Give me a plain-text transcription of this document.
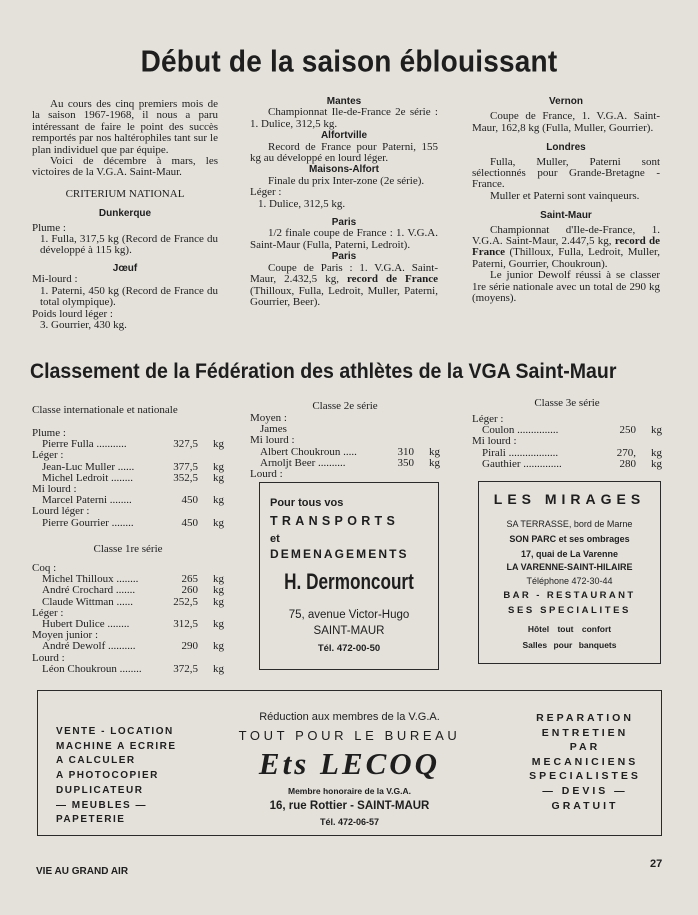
Début de la saison éblouissant

Au cours des cinq premiers mois de la saison 1967-1968, il nous a paru intéressant de faire le point des succès remportés par nos haltérophiles tant sur le plan individuel que par équipe.

Voici de décembre à mars, les victoires de la V.G.A. Saint-Maur.

CRITERIUM NATIONAL

Dunkerque

Plume :

1. Fulla, 317,5 kg (Record de France du développé à 115 kg).

Jœuf

Mi-lourd :

1. Paterni, 450 kg (Record de France du total olympique).

Poids lourd léger :

3. Gourrier, 430 kg.

Mantes

Championnat Ile-de-France 2e série : 1. Dulice, 312,5 kg.

Alfortville

Record de France pour Paterni, 155 kg au développé en lourd léger.

Maisons-Alfort

Finale du prix Inter-zone (2e série).

Léger :

1. Dulice, 312,5 kg.

Paris

1/2 finale coupe de France : 1. V.G.A. Saint-Maur (Fulla, Paterni, Ledroit).

Paris

Coupe de Paris : 1. V.G.A. Saint-Maur, 2.432,5 kg, record de France (Thilloux, Fulla, Ledroit, Muller, Paterni, Gourrier, Beer).

Vernon

Coupe de France, 1. V.G.A. Saint-Maur, 162,8 kg (Fulla, Muller, Gourrier).

Londres

Fulla, Muller, Paterni sont sélectionnés pour Grande-Bretagne - France.

Muller et Paterni sont vainqueurs.

Saint-Maur

Championnat d'Ile-de-France, 1. V.G.A. Saint-Maur, 2.447,5 kg, record de France (Thilloux, Fulla, Ledroit, Muller, Paterni, Gourrier, Choukroun).

Le junior Dewolf réussi à se classer 1re série nationale avec un total de 290 kg (moyens).

Classement de la Fédération des athlètes de la VGA Saint-Maur
Classe internationale et nationale
Plume :
Pierre Fulla ...........	327,5	kg
Léger :
Jean-Luc Muller ......	377,5	kg
Michel Ledroit ........	352,5	kg
Mi lourd :
Marcel Paterni ........	450	kg
Lourd léger :
Pierre Gourrier ........	450	kg
Classe 1re série
Coq :
Michel Thilloux ........	265	kg
André Crochard .......	260	kg
Claude Wittman ......	252,5	kg
Léger :
Hubert Dulice ........	312,5	kg
Moyen junior :
André Dewolf ..........	290	kg
Lourd :
Léon Choukroun ........	372,5	kg
Classe 2e série
Moyen :
James
Mi lourd :
Albert Choukroun .....	310	kg
Arnoljt Beer ..........	350	kg
Lourd :
Classe 3e série
Léger :
Coulon ...............	250	kg
Mi lourd :
Pirali ..................	270,	kg
Gauthier ..............	280	kg
Pour tous vos
TRANSPORTS
et
DEMENAGEMENTS
H. Dermoncourt
75, avenue Victor-Hugo
SAINT-MAUR
Tél. 472-00-50
LES MIRAGES
SA TERRASSE, bord de Marne
SON PARC et ses ombrages
17, quai de La Varenne
LA VARENNE-SAINT-HILAIRE
Téléphone 472-30-44
BAR - RESTAURANT
SES SPECIALITES
Hôtel tout confort
Salles pour banquets
VENTE - LOCATION
MACHINE A ECRIRE
A CALCULER
A PHOTOCOPIER
DUPLICATEUR
— MEUBLES —
PAPETERIE
Réduction aux membres de la V.G.A.
TOUT POUR LE BUREAU
Ets LECOQ
Membre honoraire de la V.G.A.
16, rue Rottier - SAINT-MAUR
Tél. 472-06-57
REPARATION
ENTRETIEN
PAR
MECANICIENS
SPECIALISTES
— DEVIS —
GRATUIT
VIE AU GRAND AIR
27
